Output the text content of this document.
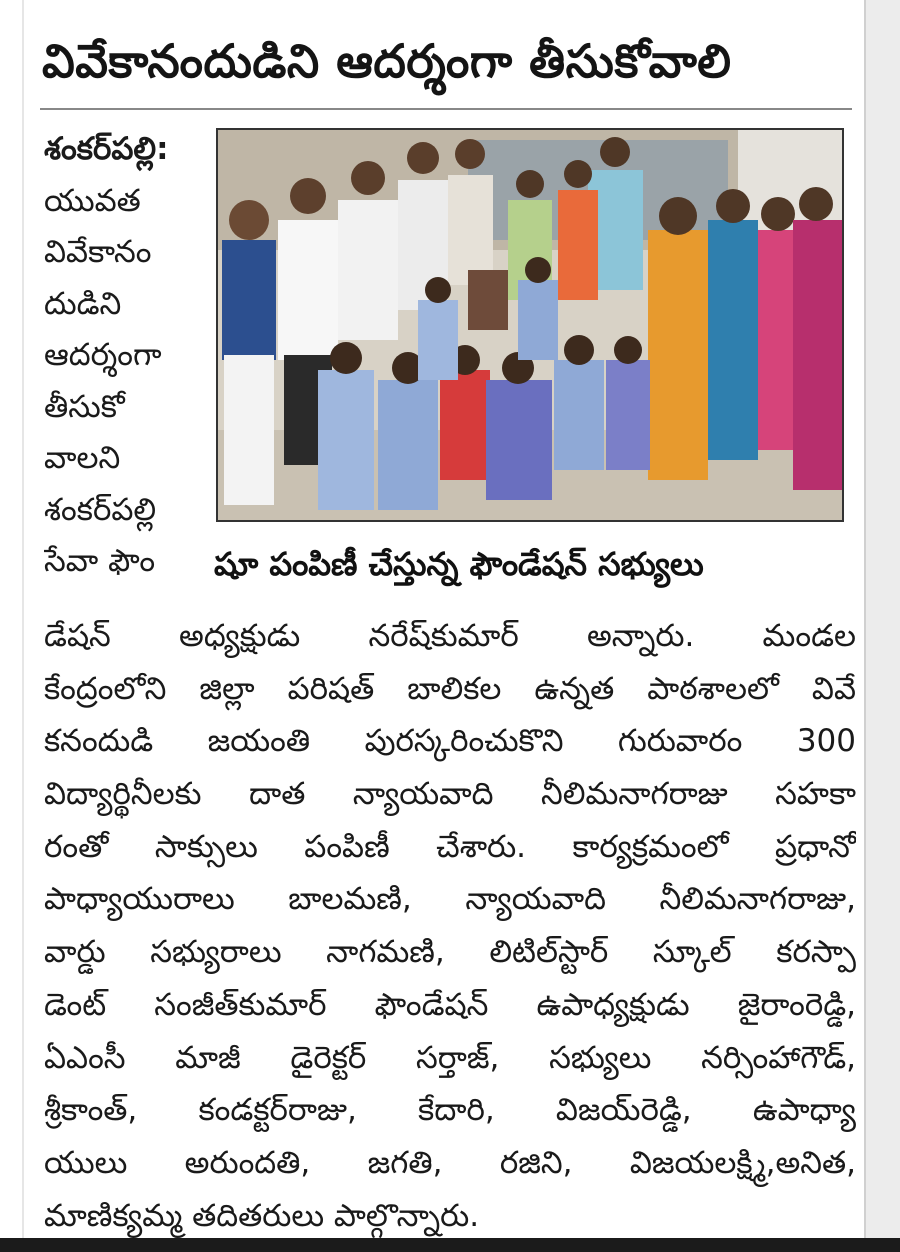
వివేకానందుడిని ఆదర్శంగా తీసుకోవాలి
శంకర్‌పల్లి:
యువత
వివేకానం
దుడిని
ఆదర్శంగా
తీసుకో
వాలని
శంకర్‌పల్లి
సేవా ఫౌం	షూ పంపిణీ చేస్తున్న ఫౌండేషన్ సభ్యులు
డేషన్ అధ్యక్షుడు నరేష్‌కుమార్ అన్నారు. మండల
కేంద్రంలోని జిల్లా పరిషత్ బాలికల ఉన్నత పాఠశాలలో వివే
కనందుడి జయంతి పురస్కరించుకొని గురువారం 300
విద్యార్థినీలకు దాత న్యాయవాది నీలిమనాగరాజు సహకా
రంతో సాక్సులు పంపిణీ చేశారు. కార్యక్రమంలో ప్రధానో
పాధ్యాయురాలు బాలమణి, న్యాయవాది నీలిమనాగరాజు,
వార్డు సభ్యురాలు నాగమణి, లిటిల్‌స్టార్ స్కూల్ కరస్పా
డెంట్ సంజీత్‌కుమార్ ఫౌండేషన్ ఉపాధ్యక్షుడు జైరాంరెడ్డి,
ఏఎంసీ మాజీ డైరెక్టర్ సర్తాజ్, సభ్యులు నర్సింహాగౌడ్,
శ్రీకాంత్, కండక్టర్‌రాజు, కేదారి, విజయ్‌రెడ్డి, ఉపాధ్యా
యులు అరుందతి, జగతి, రజిని, విజయలక్ష్మి,అనిత,
మాణిక్యమ్మ తదితరులు పాల్గొన్నారు.
